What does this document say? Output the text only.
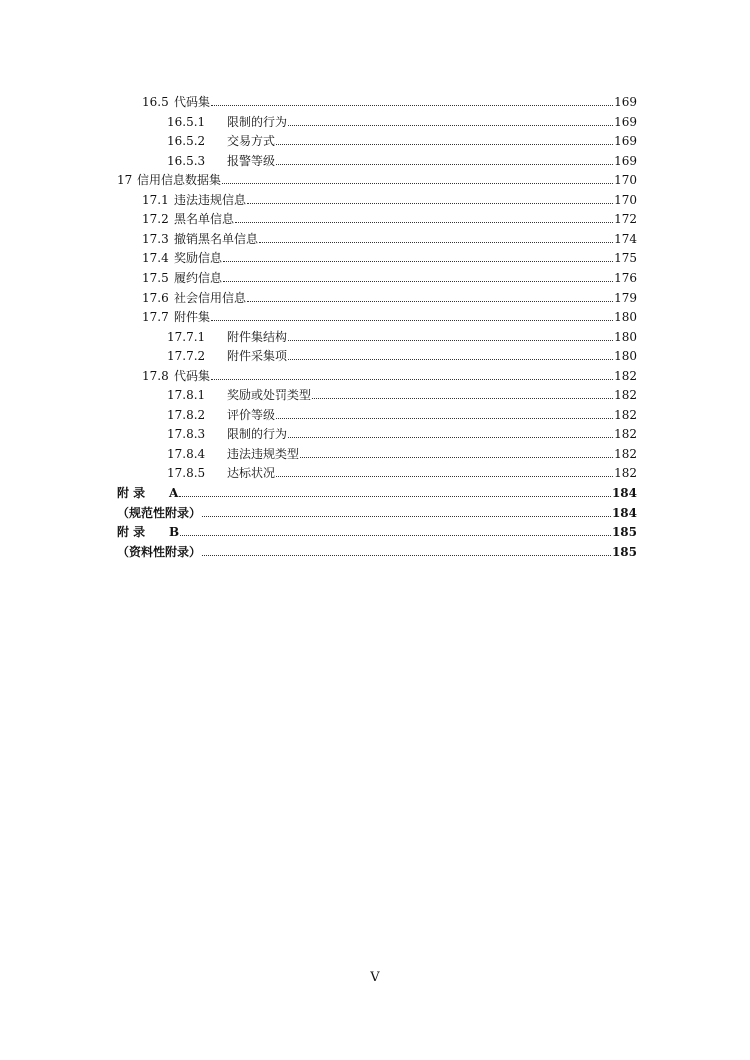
16.5 代码集	169
16.5.1	限制的行为	169
16.5.2	交易方式	169
16.5.3	报警等级	169
17 信用信息数据集	170
17.1 违法违规信息	170
17.2 黑名单信息	172
17.3 撤销黑名单信息	174
17.4 奖励信息	175
17.5 履约信息	176
17.6 社会信用信息	179
17.7 附件集	180
17.7.1	附件集结构	180
17.7.2	附件采集项	180
17.8 代码集	182
17.8.1	奖励或处罚类型	182
17.8.2	评价等级	182
17.8.3	限制的行为	182
17.8.4	违法违规类型	182
17.8.5	达标状况	182
附 录	A	184
（规范性附录）	184
附 录	B	185
（资料性附录）	185
V
